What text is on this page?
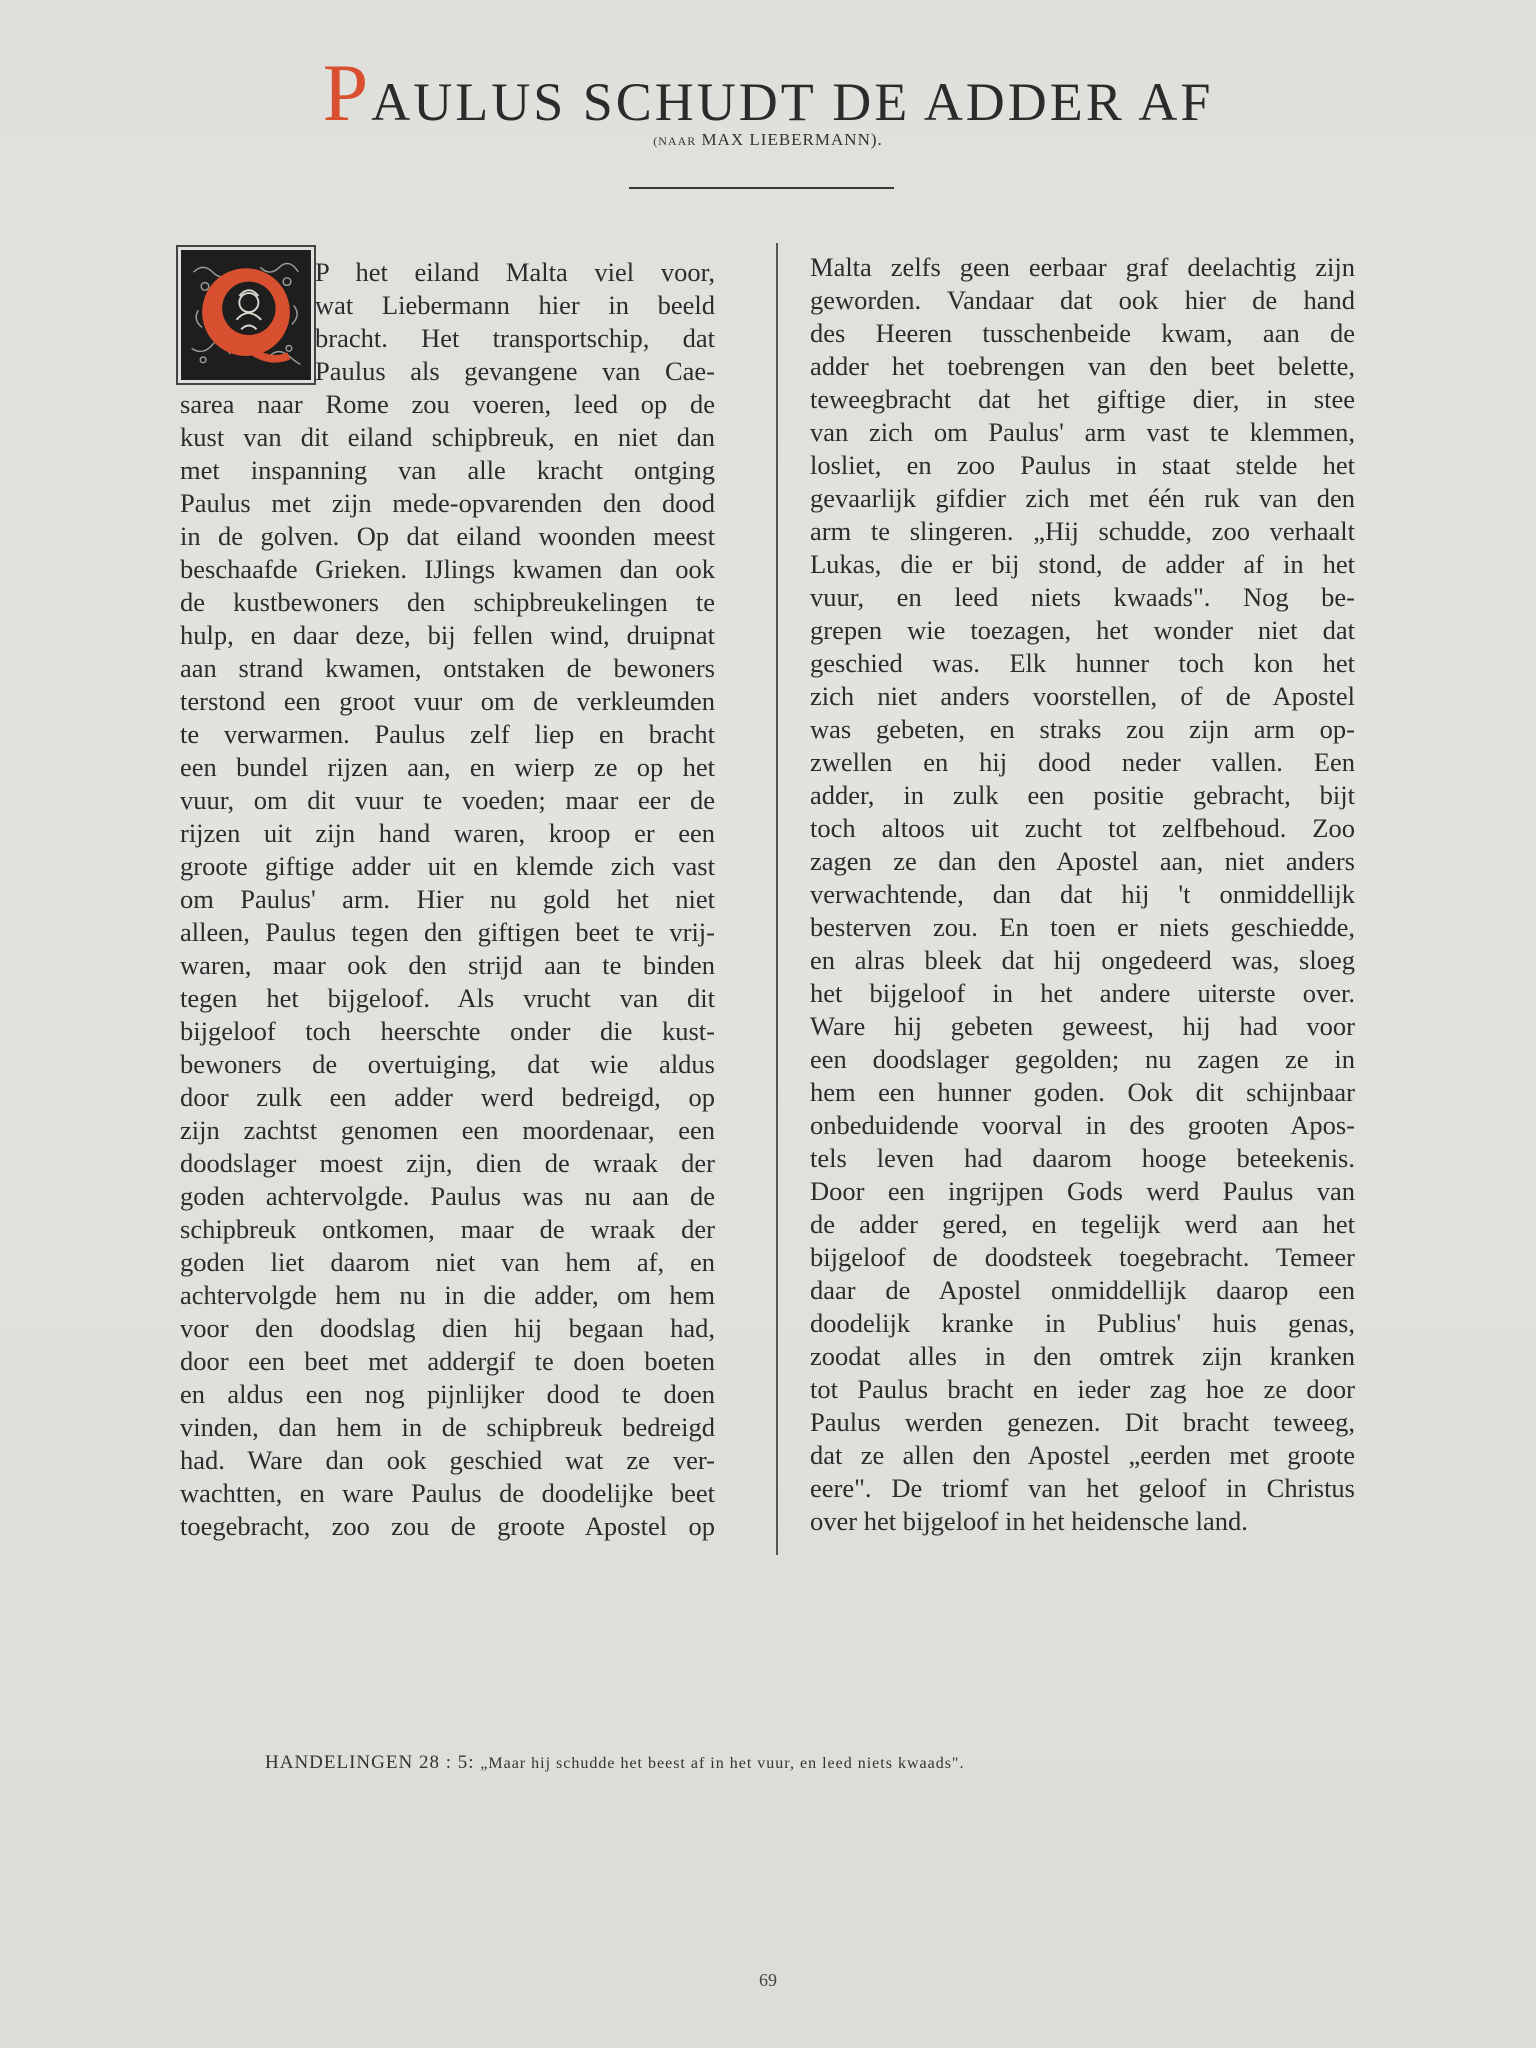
PAULUS SCHUDT DE ADDER AF
(NAAR MAX LIEBERMANN).
P het eiland Malta viel voor,
wat Liebermann hier in beeld
bracht. Het transportschip, dat
Paulus als gevangene van Cae-
sarea naar Rome zou voeren, leed op de
kust van dit eiland schipbreuk, en niet dan
met inspanning van alle kracht ontging
Paulus met zijn mede-opvarenden den dood
in de golven. Op dat eiland woonden meest
beschaafde Grieken. IJlings kwamen dan ook
de kustbewoners den schipbreukelingen te
hulp, en daar deze, bij fellen wind, druipnat
aan strand kwamen, ontstaken de bewoners
terstond een groot vuur om de verkleumden
te verwarmen. Paulus zelf liep en bracht
een bundel rijzen aan, en wierp ze op het
vuur, om dit vuur te voeden; maar eer de
rijzen uit zijn hand waren, kroop er een
groote giftige adder uit en klemde zich vast
om Paulus' arm. Hier nu gold het niet
alleen, Paulus tegen den giftigen beet te vrij-
waren, maar ook den strijd aan te binden
tegen het bijgeloof. Als vrucht van dit
bijgeloof toch heerschte onder die kust-
bewoners de overtuiging, dat wie aldus
door zulk een adder werd bedreigd, op
zijn zachtst genomen een moordenaar, een
doodslager moest zijn, dien de wraak der
goden achtervolgde. Paulus was nu aan de
schipbreuk ontkomen, maar de wraak der
goden liet daarom niet van hem af, en
achtervolgde hem nu in die adder, om hem
voor den doodslag dien hij begaan had,
door een beet met addergif te doen boeten
en aldus een nog pijnlijker dood te doen
vinden, dan hem in de schipbreuk bedreigd
had. Ware dan ook geschied wat ze ver-
wachtten, en ware Paulus de doodelijke beet
toegebracht, zoo zou de groote Apostel op
Malta zelfs geen eerbaar graf deelachtig zijn
geworden. Vandaar dat ook hier de hand
des Heeren tusschenbeide kwam, aan de
adder het toebrengen van den beet belette,
teweegbracht dat het giftige dier, in stee
van zich om Paulus' arm vast te klemmen,
losliet, en zoo Paulus in staat stelde het
gevaarlijk gifdier zich met één ruk van den
arm te slingeren. „Hij schudde, zoo verhaalt
Lukas, die er bij stond, de adder af in het
vuur, en leed niets kwaads". Nog be-
grepen wie toezagen, het wonder niet dat
geschied was. Elk hunner toch kon het
zich niet anders voorstellen, of de Apostel
was gebeten, en straks zou zijn arm op-
zwellen en hij dood neder vallen. Een
adder, in zulk een positie gebracht, bijt
toch altoos uit zucht tot zelfbehoud. Zoo
zagen ze dan den Apostel aan, niet anders
verwachtende, dan dat hij 't onmiddellijk
besterven zou. En toen er niets geschiedde,
en alras bleek dat hij ongedeerd was, sloeg
het bijgeloof in het andere uiterste over.
Ware hij gebeten geweest, hij had voor
een doodslager gegolden; nu zagen ze in
hem een hunner goden. Ook dit schijnbaar
onbeduidende voorval in des grooten Apos-
tels leven had daarom hooge beteekenis.
Door een ingrijpen Gods werd Paulus van
de adder gered, en tegelijk werd aan het
bijgeloof de doodsteek toegebracht. Temeer
daar de Apostel onmiddellijk daarop een
doodelijk kranke in Publius' huis genas,
zoodat alles in den omtrek zijn kranken
tot Paulus bracht en ieder zag hoe ze door
Paulus werden genezen. Dit bracht teweeg,
dat ze allen den Apostel „eerden met groote
eere". De triomf van het geloof in Christus
over het bijgeloof in het heidensche land.
HANDELINGEN 28 : 5: „Maar hij schudde het beest af in het vuur, en leed niets kwaads".
69
